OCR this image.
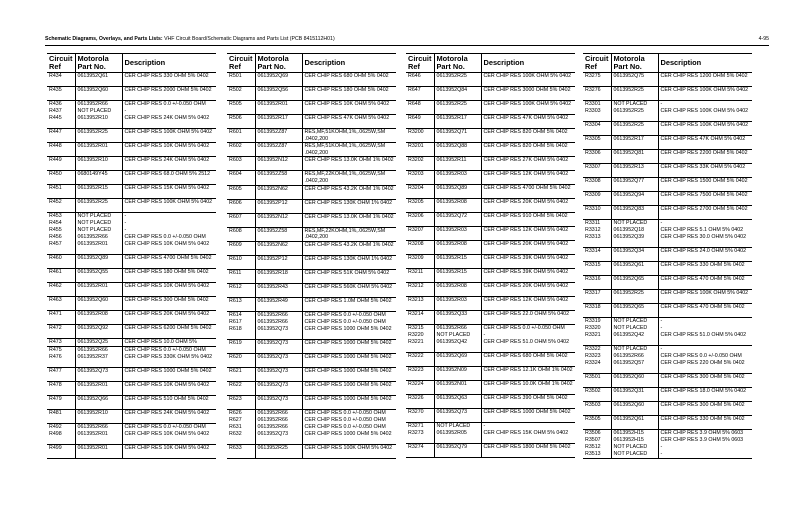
Schematic Diagrams, Overlays, and Parts Lists: VHF Circuit Board/Schematic Diagrams and Parts List (PCB 8415112H01)	4-95
Circuit Ref	Motorola Part No.	Description
R434	0613952Q61	CER CHIP RES 330 OHM 5% 0402
R435	0613952Q60	CER CHIP RES 2000 OHM 5% 0402
R436	0613952R66	CER CHIP RES 0.0 +/-0.050 OHM
R437	NOT PLACED	-
R445	0613952R10	CER CHIP RES 24K OHM 5% 0402
R447	0613952R25	CER CHIP RES 100K OHM 5% 0402
R448	0613952R01	CER CHIP RES 10K OHM 5% 0402
R449	0613952R10	CER CHIP RES 24K OHM 5% 0402
R450	0680149Y45	CER CHIP RES 68.0 OHM 5% 2512
R451	0613952R15	CER CHIP RES 15K OHM 5% 0402
R452	0613952R25	CER CHIP RES 100K OHM 5% 0402
R453	NOT PLACED	-
R454	NOT PLACED	-
R455	NOT PLACED	-
R456	0613952R66	CER CHIP RES 0.0 +/-0.050 OHM
R457	0613952R01	CER CHIP RES 10K OHM 5% 0402
R460	0613952Q89	CER CHIP RES 4700 OHM 5% 0402
R461	0613952Q55	CER CHIP RES 180 OHM 5% 0402
R462	0613952R01	CER CHIP RES 10K OHM 5% 0402
R463	0613952Q60	CER CHIP RES 300 OHM 5% 0402
R471	0613952R08	CER CHIP RES 20K OHM 5% 0402
R472	0613952Q92	CER CHIP RES 6200 OHM 5% 0402
R473	0613952Q25	CER CHIP RES 10.0 OHM 5%
R475	0613952R66	CER CHIP RES 0.0 +/-0.050 OHM
R476	0613952R37	CER CHIP RES 330K OHM 5% 0402
R477	0613952Q73	CER CHIP RES 1000 OHM 5% 0402
R478	0613952R01	CER CHIP RES 10K OHM 5% 0402
R479	0613952Q66	CER CHIP RES 510 OHM 5% 0402
R481	0613952R10	CER CHIP RES 24K OHM 5% 0402
R492	0613952R66	CER CHIP RES 0.0 +/-0.050 OHM
R498	0613952R01	CER CHIP RES 10K OHM 5% 0402
R499	0613952R01	CER CHIP RES 10K OHM 5% 0402
Circuit Ref	Motorola Part No.	Description
R501	0613952Q69	CER CHIP RES 680 OHM 5% 0402
R502	0613952Q56	CER CHIP RES 180 OHM 5% 0402
R505	0613952R01	CER CHIP RES 10K OHM 5% 0402
R506	0613952R17	CER CHIP RES 47K OHM 5% 0402
R601	0613952Z87	RES,MF,51KOHM,1%,.0625W,SM .0402,200
R602	0613952Z87	RES,MF,51KOHM,1%,.0625W,SM .0402,200
R603	0613952N12	CER CHIP RES 13.0K OHM 1% 0402
R604	0613952Z58	RES,MF,22KOHM,1%,.0625W,SM .0402,200
R605	0613952N62	CER CHIP RES 43.2K OHM 1% 0402
R606	0613952P12	CER CHIP RES 130K OHM 1% 0402
R607	0613952N12	CER CHIP RES 13.0K OHM 1% 0402
R608	0613952Z58	RES,MF,22KOHM,1%,.0625W,SM .0402,200
R609	0613952N62	CER CHIP RES 43.2K OHM 1% 0402
R610	0613952P12	CER CHIP RES 130K OHM 1% 0402
R611	0613952R18	CER CHIP RES 51K OHM 5% 0402
R612	0613952R43	CER CHIP RES 560K OHM 5% 0402
R613	0613952R49	CER CHIP RES 1.0M OHM 5% 0402
R614	0613952R66	CER CHIP RES 0.0 +/-0.050 OHM
R617	0613952R66	CER CHIP RES 0.0 +/-0.050 OHM
R618	0613952Q73	CER CHIP RES 1000 OHM 5% 0402
R619	0613952Q73	CER CHIP RES 1000 OHM 5% 0402
R620	0613952Q73	CER CHIP RES 1000 OHM 5% 0402
R621	0613952Q73	CER CHIP RES 1000 OHM 5% 0402
R622	0613952Q73	CER CHIP RES 1000 OHM 5% 0402
R623	0613952Q73	CER CHIP RES 1000 OHM 5% 0402
R626	0613952R66	CER CHIP RES 0.0 +/-0.050 OHM
R627	0613952R66	CER CHIP RES 0.0 +/-0.050 OHM
R631	0613952R66	CER CHIP RES 0.0 +/-0.050 OHM
R632	0613952Q73	CER CHIP RES 1000 OHM 5% 0402
R633	0613952R25	CER CHIP RES 100K OHM 5% 0402
Circuit Ref	Motorola Part No.	Description
R646	0613952R25	CER CHIP RES 100K OHM 5% 0402
R647	0613952Q84	CER CHIP RES 3000 OHM 5% 0402
R648	0613952R25	CER CHIP RES 100K OHM 5% 0402
R649	0613952R17	CER CHIP RES 47K OHM 5% 0402
R3200	0613952Q71	CER CHIP RES 820 OHM 5% 0402
R3201	0613952Q88	CER CHIP RES 820 OHM 5% 0402
R3202	0613952R11	CER CHIP RES 27K OHM 5% 0402
R3203	0613952R03	CER CHIP RES 12K OHM 5% 0402
R3204	0613952Q89	CER CHIP RES 4700 OHM 5% 0402
R3205	0613952R08	CER CHIP RES 20K OHM 5% 0402
R3206	0613952Q72	CER CHIP RES 910 OHM 5% 0402
R3207	0613952R03	CER CHIP RES 12K OHM 5% 0402
R3208	0613952R08	CER CHIP RES 20K OHM 5% 0402
R3209	0613952R15	CER CHIP RES 39K OHM 5% 0402
R3211	0613952R15	CER CHIP RES 39K OHM 5% 0402
R3212	0613952R08	CER CHIP RES 20K OHM 5% 0402
R3213	0613952R03	CER CHIP RES 12K OHM 5% 0402
R3214	0613952Q33	CER CHIP RES 22.0 OHM 5% 0402
R3215	0613952R66	CER CHIP RES 0.0 +/-0.050 OHM
R3220	NOT PLACED	-
R3221	0613952Q42	CER CHIP RES 51.0 OHM 5% 0402
R3222	0613952Q69	CER CHIP RES 680 OHM 5% 0402
R3223	0613952N09	CER CHIP RES 12.1K OHM 1% 0402
R3224	0613952N01	CER CHIP RES 10.0K OHM 1% 0402
R3226	0613952Q63	CER CHIP RES 390 OHM 5% 0402
R3270	0613952Q73	CER CHIP RES 1000 OHM 5% 0402
R3271	NOT PLACED	-
R3273	0613952R05	CER CHIP RES 15K OHM 5% 0402
R3274	0613952Q79	CER CHIP RES 1800 OHM 5% 0402
Circuit Ref	Motorola Part No.	Description
R3275	0613952Q75	CER CHIP RES 1200 OHM 5% 0402
R3276	0613952R25	CER CHIP RES 100K OHM 5% 0402
R3301	NOT PLACED	-
R3303	0613952R25	CER CHIP RES 100K OHM 5% 0402
R3304	0613952R25	CER CHIP RES 100K OHM 5% 0402
R3305	0613952R17	CER CHIP RES 47K OHM 5% 0402
R3306	0613952Q81	CER CHIP RES 2200 OHM 5% 0402
R3307	0613952R13	CER CHIP RES 33K OHM 5% 0402
R3308	0613952Q77	CER CHIP RES 1500 OHM 5% 0402
R3309	0613952Q94	CER CHIP RES 7500 OHM 5% 0402
R3310	0613952Q83	CER CHIP RES 2700 OHM 5% 0402
R3311	NOT PLACED	-
R3312	0613952Q18	CER CHIP RES 5.1 OHM 5% 0402
R3313	0613952Q39	CER CHIP RES 30.0 OHM 5% 0402
R3314	0613952Q34	CER CHIP RES 24.0 OHM 5% 0402
R3315	0613952Q61	CER CHIP RES 330 OHM 5% 0402
R3316	0613952Q65	CER CHIP RES 470 OHM 5% 0402
R3317	0613952R25	CER CHIP RES 100K OHM 5% 0402
R3318	0613952Q65	CER CHIP RES 470 OHM 5% 0402
R3319	NOT PLACED	-
R3320	NOT PLACED	-
R3321	0613952Q42	CER CHIP RES 51.0 OHM 5% 0402
R3322	NOT PLACED	-
R3323	0613952R66	CER CHIP RES 0.0 +/-0.050 OHM
R3324	0613952Q57	CER CHIP RES 220 OHM 5% 0402
R3501	0613952Q60	CER CHIP RES 300 OHM 5% 0402
R3502	0613952Q31	CER CHIP RES 18.0 OHM 5% 0402
R3503	0613952Q60	CER CHIP RES 300 OHM 5% 0402
R3505	0613952Q61	CER CHIP RES 330 OHM 5% 0402
R3506	0613952H15	CER CHIP RES 3.9 OHM 5% 0603
R3507	0613952H15	CER CHIP RES 3.9 OHM 5% 0603
R3512	NOT PLACED	-
R3513	NOT PLACED	-
